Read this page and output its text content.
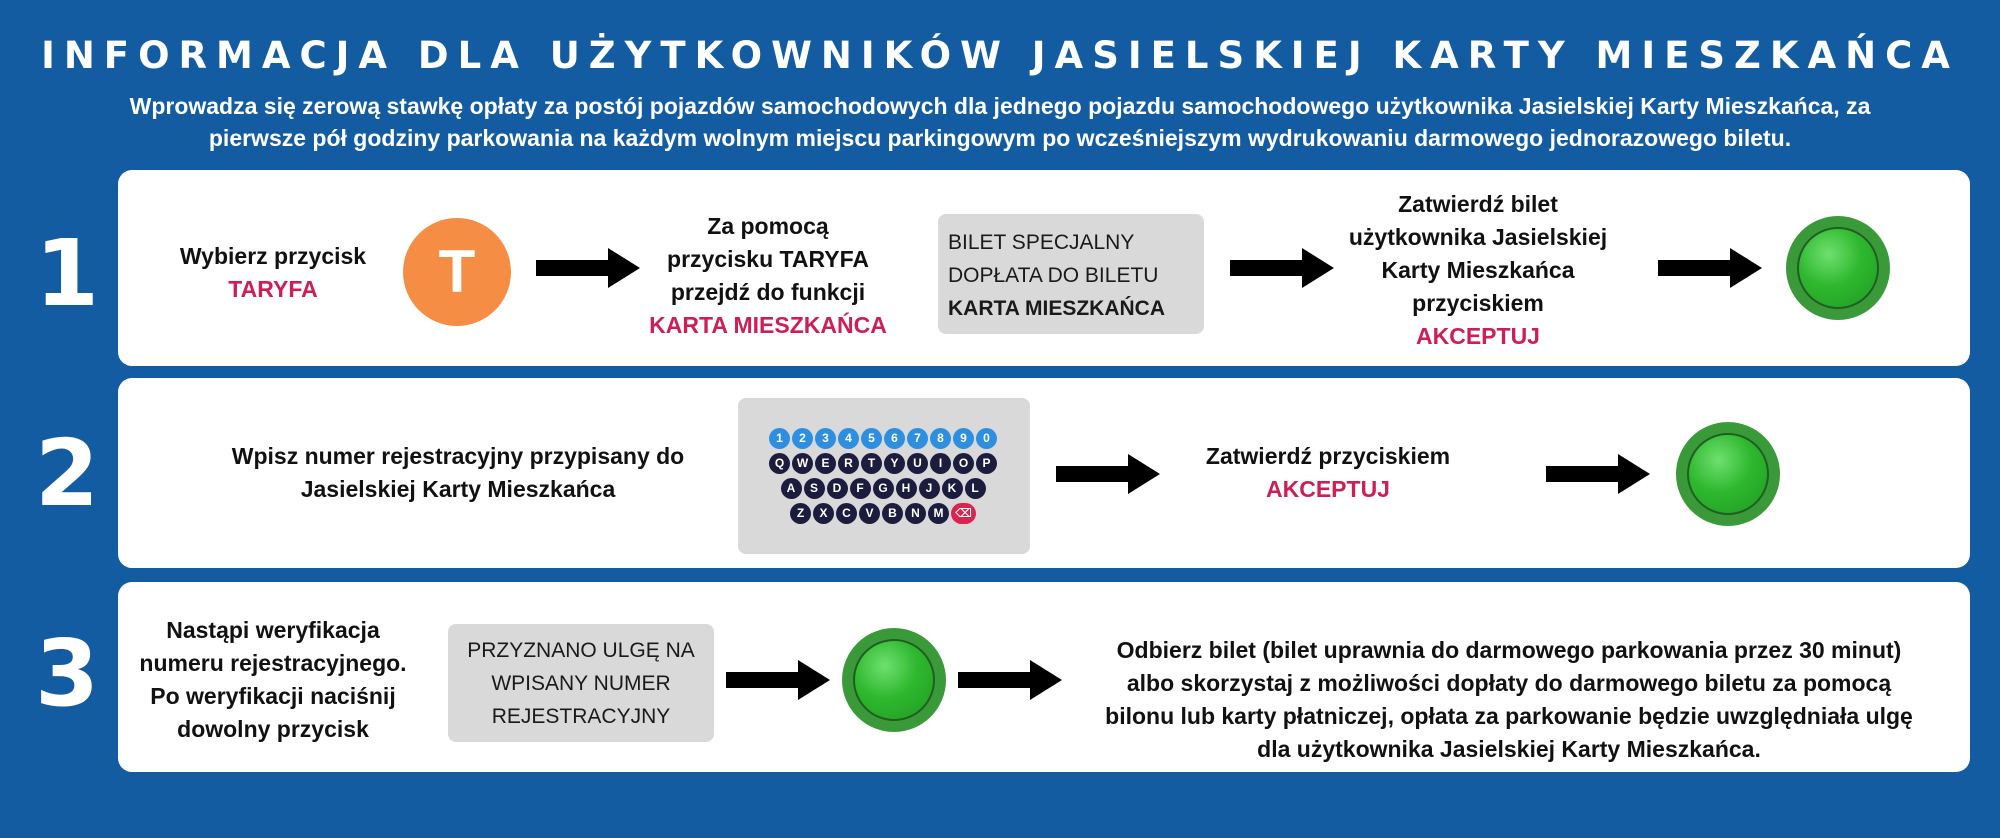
INFORMACJA DLA UŻYTKOWNIKÓW JASIELSKIEJ KARTY MIESZKAŃCA
Wprowadza się zerową stawkę opłaty za postój pojazdów samochodowych dla jednego pojazdu samochodowego użytkownika Jasielskiej Karty Mieszkańca, za
pierwsze pół godziny parkowania na każdym wolnym miejscu parkingowym po wcześniejszym wydrukowaniu darmowego jednorazowego biletu.
1
2
3
Wybierz przycisk
TARYFA	T
Za pomocą
przycisku TARYFA
przejdź do funkcji
KARTA MIESZKAŃCA
BILET SPECJALNY
DOPŁATA DO BILETU
KARTA MIESZKAŃCA
Zatwierdź bilet
użytkownika Jasielskiej
Karty Mieszkańca
przyciskiem
AKCEPTUJ
Wpisz numer rejestracyjny przypisany do
Jasielskiej Karty Mieszkańca
1 2 3 4 5 6 7 8 9 0
Q W E R T Y U I O P
A S D F G H J K L
Z X C V B N M ⌫
Zatwierdź przyciskiem
AKCEPTUJ
Nastąpi weryfikacja
numeru rejestracyjnego.
Po weryfikacji naciśnij
dowolny przycisk
PRZYZNANO ULGĘ NA
WPISANY NUMER
REJESTRACYJNY
Odbierz bilet (bilet uprawnia do darmowego parkowania przez 30 minut)
albo skorzystaj z możliwości dopłaty do darmowego biletu za pomocą
bilonu lub karty płatniczej, opłata za parkowanie będzie uwzględniała ulgę
dla użytkownika Jasielskiej Karty Mieszkańca.
